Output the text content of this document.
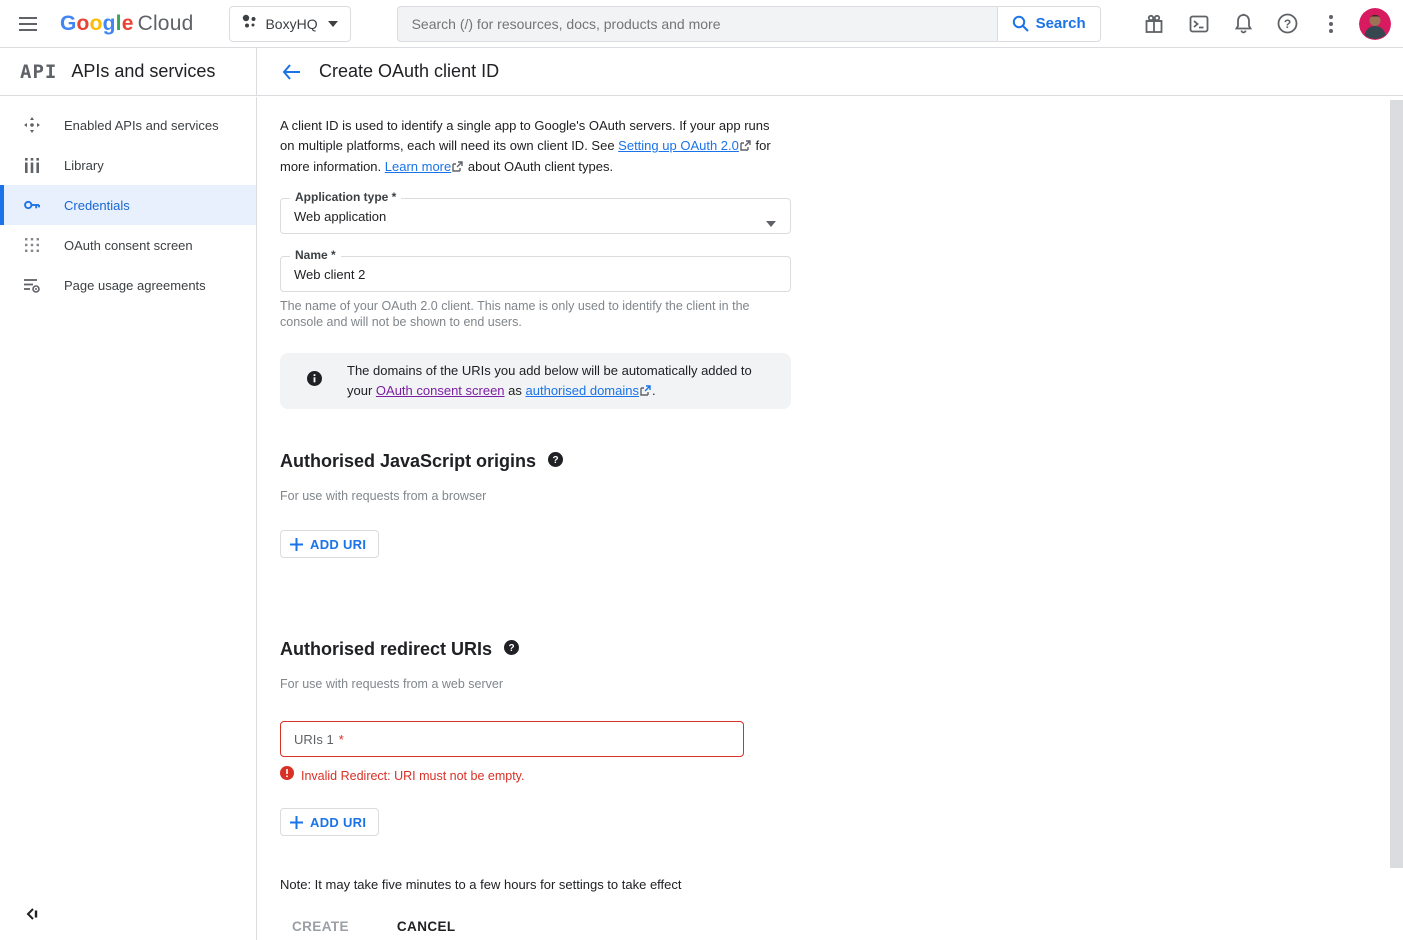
Google Cloud	BoxyHQ
Search (/) for resources, docs, products and more	Search	?
API APIs and services	Create OAuth client ID
Enabled APIs and services
Library
Credentials
OAuth consent screen
Page usage agreements

A client ID is used to identify a single app to Google's OAuth servers. If your app runs on multiple platforms, each will need its own client ID. See Setting up OAuth 2.0 for more information. Learn more about OAuth client types.

Application type *
Web application
Name *
Web client 2

The name of your OAuth 2.0 client. This name is only used to identify the client in the console and will not be shown to end users.

The domains of the URIs you add below will be automatically added to your OAuth consent screen as authorised domains .

Authorised JavaScript origins ?

For use with requests from a browser

ADD URI
Authorised redirect URIs ?

For use with requests from a web server

URIs 1 *
Invalid Redirect: URI must not be empty.
ADD URI

Note: It may take five minutes to a few hours for settings to take effect

CREATE	CANCEL
